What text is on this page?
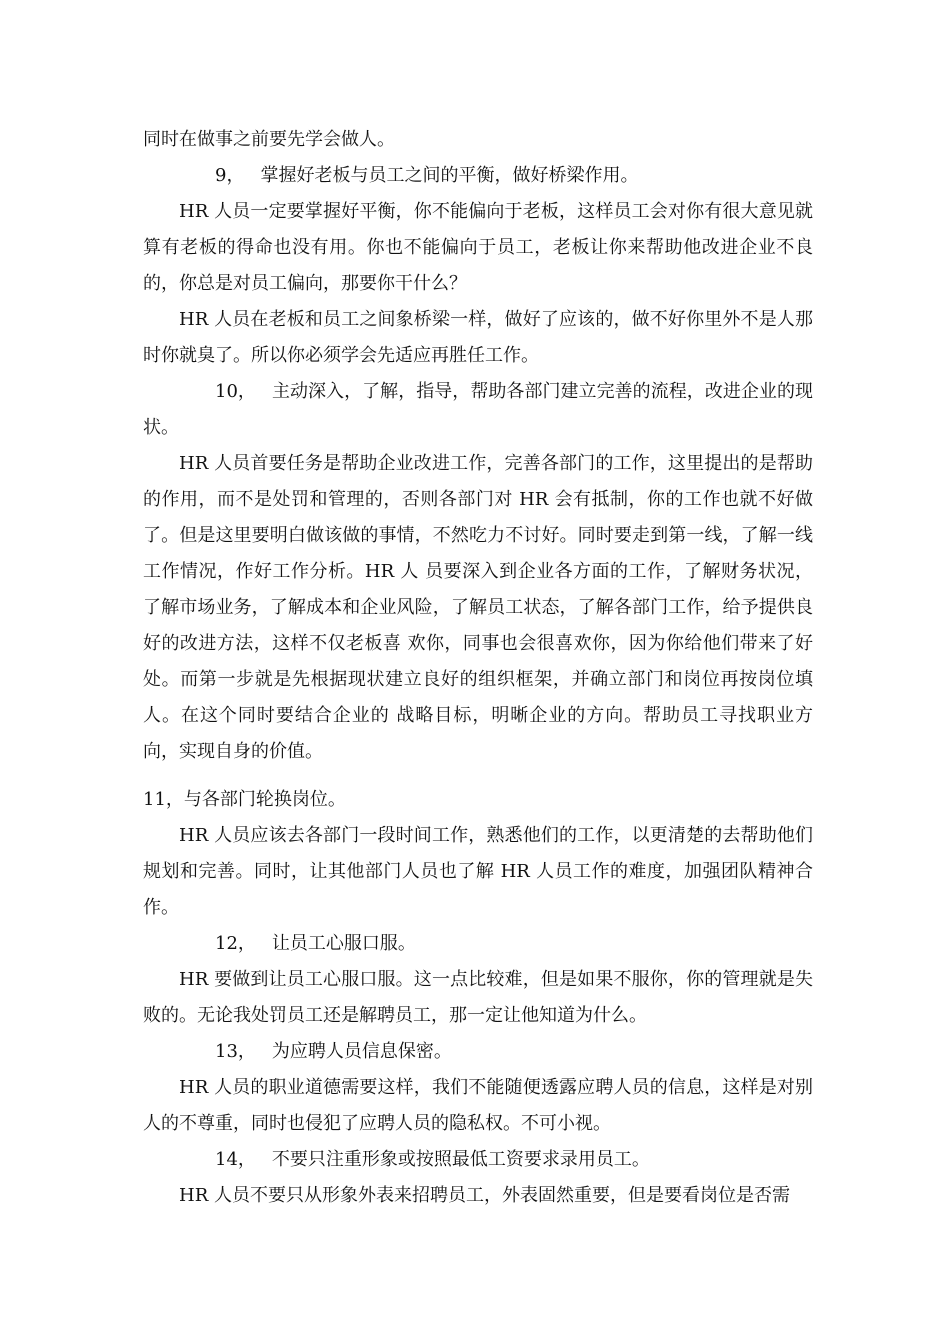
同时在做事之前要先学会做人。

9， 掌握好老板与员工之间的平衡，做好桥梁作用。

HR 人员一定要掌握好平衡，你不能偏向于老板，这样员工会对你有很大意见就算有老板的得命也没有用。你也不能偏向于员工，老板让你来帮助他改进企业不良的，你总是对员工偏向，那要你干什么？

HR 人员在老板和员工之间象桥梁一样，做好了应该的，做不好你里外不是人那时你就臭了。所以你必须学会先适应再胜任工作。

10， 主动深入，了解，指导，帮助各部门建立完善的流程，改进企业的现状。

HR 人员首要任务是帮助企业改进工作，完善各部门的工作，这里提出的是帮助的作用，而不是处罚和管理的，否则各部门对 HR 会有抵制，你的工作也就不好做了。但是这里要明白做该做的事情，不然吃力不讨好。同时要走到第一线，了解一线工作情况，作好工作分析。HR 人 员要深入到企业各方面的工作，了解财务状况，了解市场业务，了解成本和企业风险，了解员工状态，了解各部门工作，给予提供良好的改进方法，这样不仅老板喜 欢你，同事也会很喜欢你，因为你给他们带来了好处。而第一步就是先根据现状建立良好的组织框架，并确立部门和岗位再按岗位填人。在这个同时要结合企业的 战略目标，明晰企业的方向。帮助员工寻找职业方向，实现自身的价值。

11，与各部门轮换岗位。

HR 人员应该去各部门一段时间工作，熟悉他们的工作，以更清楚的去帮助他们规划和完善。同时，让其他部门人员也了解 HR 人员工作的难度，加强团队精神合作。

12， 让员工心服口服。

HR 要做到让员工心服口服。这一点比较难，但是如果不服你，你的管理就是失败的。无论我处罚员工还是解聘员工，那一定让他知道为什么。

13， 为应聘人员信息保密。

HR 人员的职业道德需要这样，我们不能随便透露应聘人员的信息，这样是对别人的不尊重，同时也侵犯了应聘人员的隐私权。不可小视。

14， 不要只注重形象或按照最低工资要求录用员工。

HR 人员不要只从形象外表来招聘员工，外表固然重要，但是要看岗位是否需
